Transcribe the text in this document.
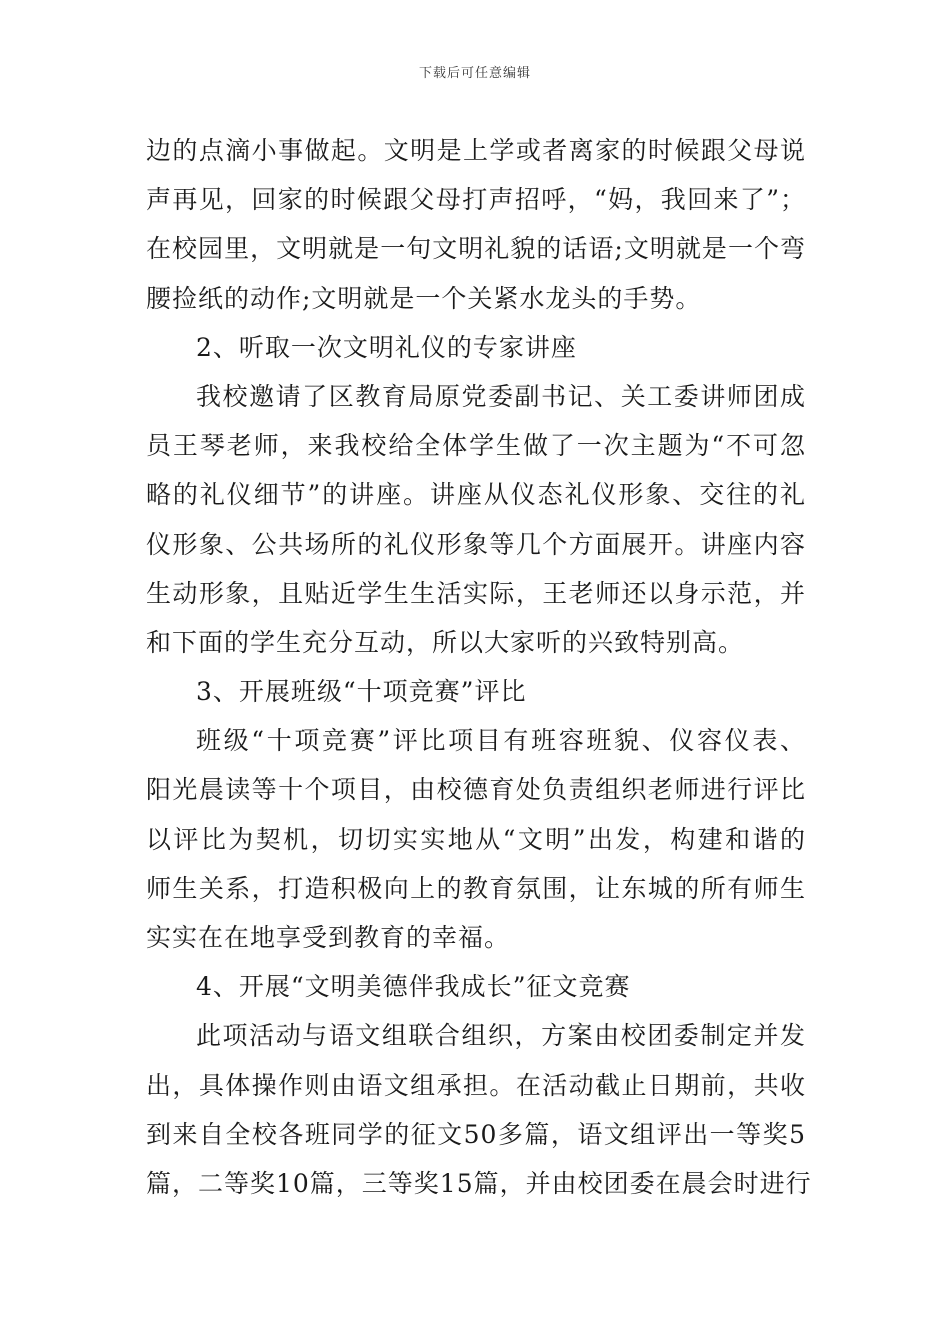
下载后可任意编辑
边的点滴小事做起。文明是上学或者离家的时候跟父母说
声再见，回家的时候跟父母打声招呼，“妈，我回来了”；
在校园里，文明就是一句文明礼貌的话语;文明就是一个弯
腰捡纸的动作;文明就是一个关紧水龙头的手势。
2、听取一次文明礼仪的专家讲座
我校邀请了区教育局原党委副书记、关工委讲师团成
员王琴老师，来我校给全体学生做了一次主题为“不可忽
略的礼仪细节”的讲座。讲座从仪态礼仪形象、交往的礼
仪形象、公共场所的礼仪形象等几个方面展开。讲座内容
生动形象，且贴近学生生活实际，王老师还以身示范，并
和下面的学生充分互动，所以大家听的兴致特别高。
3、开展班级“十项竞赛”评比
班级“十项竞赛”评比项目有班容班貌、仪容仪表、
阳光晨读等十个项目，由校德育处负责组织老师进行评比
以评比为契机，切切实实地从“文明”出发，构建和谐的
师生关系，打造积极向上的教育氛围，让东城的所有师生
实实在在地享受到教育的幸福。
4、开展“文明美德伴我成长”征文竞赛
此项活动与语文组联合组织，方案由校团委制定并发
出，具体操作则由语文组承担。在活动截止日期前，共收
到来自全校各班同学的征文50多篇，语文组评出一等奖5
篇，二等奖10篇，三等奖15篇，并由校团委在晨会时进行
